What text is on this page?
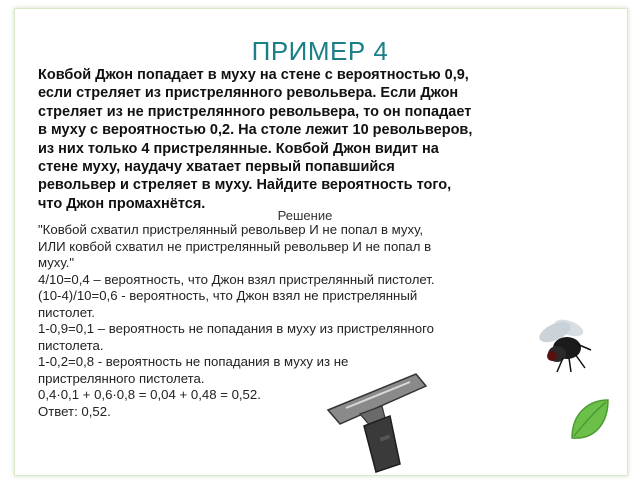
ПРИМЕР 4
Ковбой Джон попадает в муху на стене с вероятностью 0,9,
если стреляет из пристрелянного револьвера. Если Джон
стреляет из не пристрелянного револьвера, то он попадает
в муху с вероятностью 0,2. На столе лежит 10 револьверов,
из них только 4 пристрелянные. Ковбой Джон видит на
стене муху, наудачу хватает первый попавшийся
револьвер и стреляет в муху. Найдите вероятность того,
что Джон промахнётся.
Решение
"Ковбой схватил пристрелянный револьвер И не попал в муху,
ИЛИ ковбой схватил не пристрелянный револьвер И не попал в
муху."
4/10=0,4 – вероятность, что Джон взял пристрелянный пистолет.
(10-4)/10=0,6 - вероятность, что Джон взял не пристрелянный
пистолет.
1-0,9=0,1 – вероятность не попадания в муху из пристрелянного
пистолета.
1-0,2=0,8 - вероятность не попадания в муху из не
пристрелянного пистолета.
0,4·0,1 + 0,6·0,8 = 0,04 + 0,48 = 0,52.
Ответ: 0,52.
